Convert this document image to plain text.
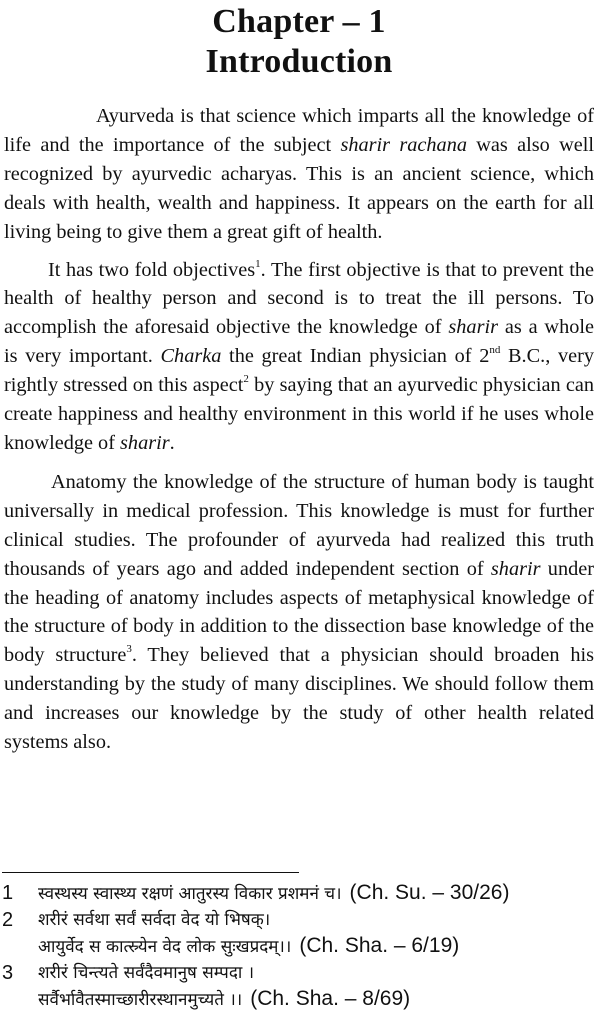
Chapter – 1
Introduction

Ayurveda is that science which imparts all the knowledge of life and the importance of the subject sharir rachana was also well recognized by ayurvedic acharyas. This is an ancient science, which deals with health, wealth and happiness. It appears on the earth for all living being to give them a great gift of health.

It has two fold objectives$^1$. The first objective is that to prevent the health of healthy person and second is to treat the ill persons. To accomplish the aforesaid objective the knowledge of sharir as a whole is very important. Charka the great Indian physician of 2nd B.C., very rightly stressed on this aspect$^2$ by saying that an ayurvedic physician can create happiness and healthy environment in this world if he uses whole knowledge of sharir.

Anatomy the knowledge of the structure of human body is taught universally in medical profession. This knowledge is must for further clinical studies. The profounder of ayurveda had realized this truth thousands of years ago and added independent section of sharir under the heading of anatomy includes aspects of metaphysical knowledge of the structure of body in addition to the dissection base knowledge of the body structure$^3$. They believed that a physician should broaden his understanding by the study of many disciplines. We should follow them and increases our knowledge by the study of other health related systems also.

1	स्वस्थस्य स्वास्थ्य रक्षणं आतुरस्य विकार प्रशमनं च। (Ch. Su. – 30/26)
2	शरीरं सर्वथा सर्वं सर्वदा वेद यो भिषक्।
आयुर्वेद स कात्स्र्येन वेद लोक सुःखप्रदम्।। (Ch. Sha. – 6/19)
3	शरीरं चिन्त्यते सर्वंदैवमानुष सम्पदा ।
सर्वैर्भावैतस्माच्छारीरस्थानमुच्यते ।। (Ch. Sha. – 8/69)
